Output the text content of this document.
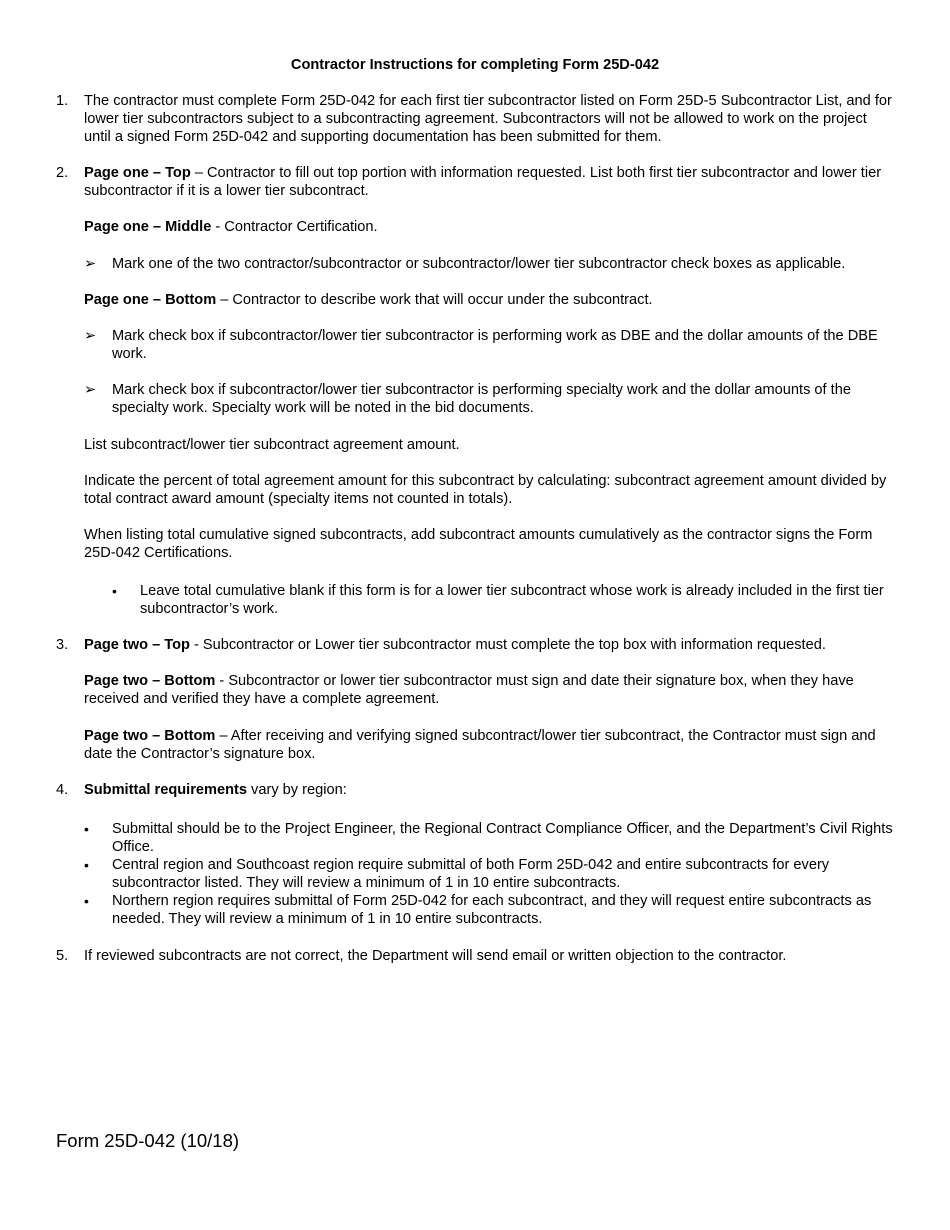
Contractor Instructions for completing Form 25D-042
1. The contractor must complete Form 25D-042 for each first tier subcontractor listed on Form 25D-5 Subcontractor List, and for lower tier subcontractors subject to a subcontracting agreement. Subcontractors will not be allowed to work on the project until a signed Form 25D-042 and supporting documentation has been submitted for them.
2. Page one – Top – Contractor to fill out top portion with information requested. List both first tier subcontractor and lower tier subcontractor if it is a lower tier subcontract.
Page one – Middle - Contractor Certification.
➢ Mark one of the two contractor/subcontractor or subcontractor/lower tier subcontractor check boxes as applicable.
Page one – Bottom – Contractor to describe work that will occur under the subcontract.
➢ Mark check box if subcontractor/lower tier subcontractor is performing work as DBE and the dollar amounts of the DBE work.
➢ Mark check box if subcontractor/lower tier subcontractor is performing specialty work and the dollar amounts of the specialty work. Specialty work will be noted in the bid documents.
List subcontract/lower tier subcontract agreement amount.
Indicate the percent of total agreement amount for this subcontract by calculating: subcontract agreement amount divided by total contract award amount (specialty items not counted in totals).
When listing total cumulative signed subcontracts, add subcontract amounts cumulatively as the contractor signs the Form 25D-042 Certifications.
• Leave total cumulative blank if this form is for a lower tier subcontract whose work is already included in the first tier subcontractor’s work.
3. Page two – Top - Subcontractor or Lower tier subcontractor must complete the top box with information requested.
Page two – Bottom - Subcontractor or lower tier subcontractor must sign and date their signature box, when they have received and verified they have a complete agreement.
Page two – Bottom – After receiving and verifying signed subcontract/lower tier subcontract, the Contractor must sign and date the Contractor’s signature box.
4. Submittal requirements vary by region:
• Submittal should be to the Project Engineer, the Regional Contract Compliance Officer, and the Department’s Civil Rights Office.
• Central region and Southcoast region require submittal of both Form 25D-042 and entire subcontracts for every subcontractor listed. They will review a minimum of 1 in 10 entire subcontracts.
• Northern region requires submittal of Form 25D-042 for each subcontract, and they will request entire subcontracts as needed. They will review a minimum of 1 in 10 entire subcontracts.
5. If reviewed subcontracts are not correct, the Department will send email or written objection to the contractor.
Form 25D-042 (10/18)
